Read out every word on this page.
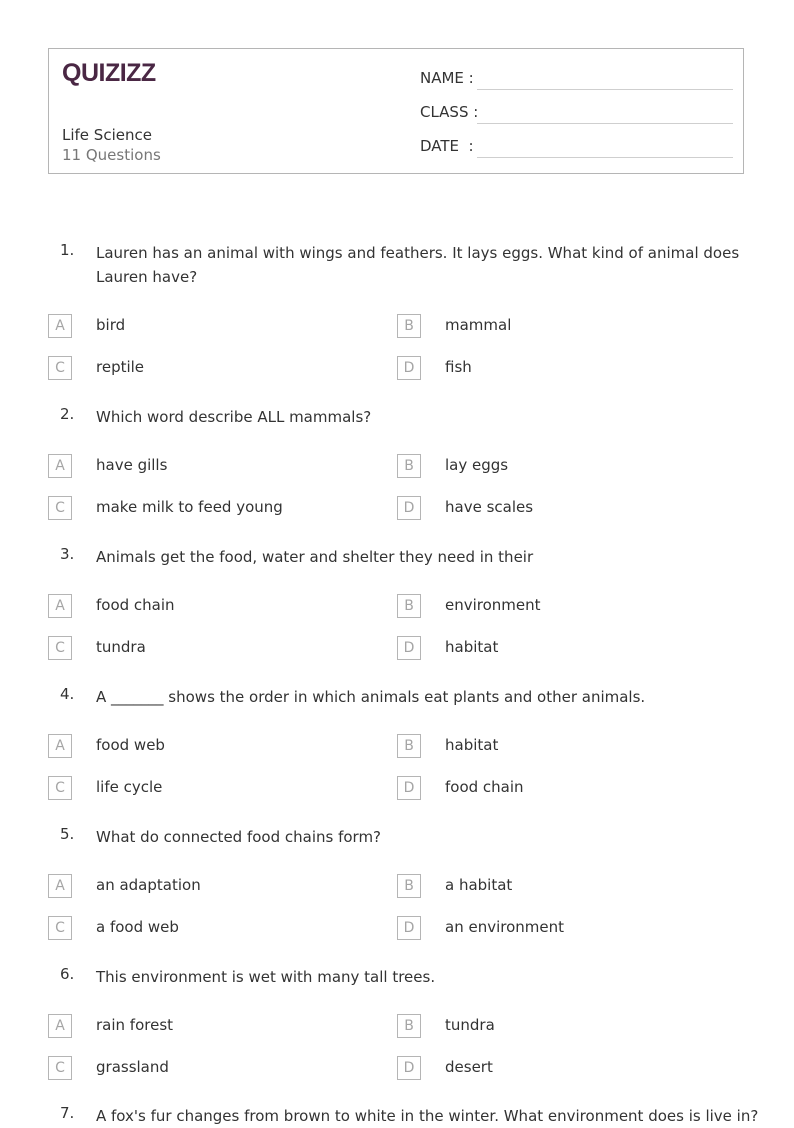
QUIZIZZ
Life Science
11 Questions
NAME :
CLASS :
DATE  :
1. Lauren has an animal with wings and feathers. It lays eggs. What kind of animal does
Lauren have?
A	bird	B	mammal
C	reptile	D	fish
2. Which word describe ALL mammals?
A	have gills	B	lay eggs
C	make milk to feed young	D	have scales
3. Animals get the food, water and shelter they need in their
A	food chain	B	environment
C	tundra	D	habitat
4. A _______ shows the order in which animals eat plants and other animals.
A	food web	B	habitat
C	life cycle	D	food chain
5. What do connected food chains form?
A	an adaptation	B	a habitat
C	a food web	D	an environment
6. This environment is wet with many tall trees.
A	rain forest	B	tundra
C	grassland	D	desert
7. A fox's fur changes from brown to white in the winter. What environment does is live in?
